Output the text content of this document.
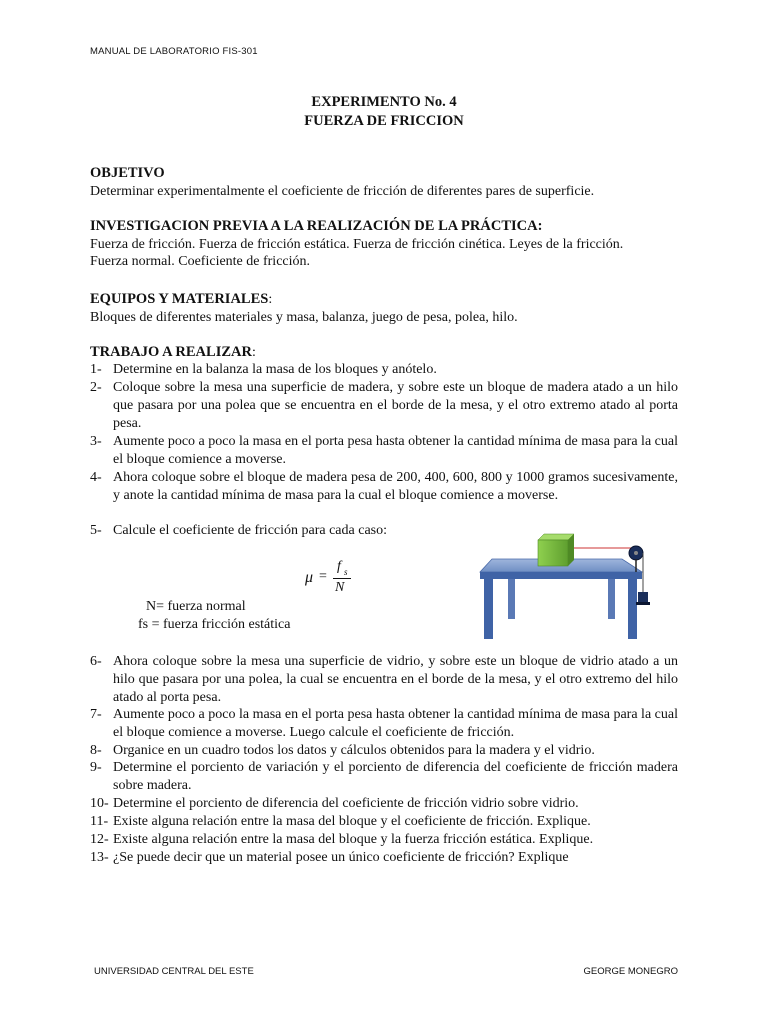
MANUAL DE LABORATORIO FIS-301
EXPERIMENTO No. 4
FUERZA DE FRICCION
OBJETIVO
Determinar experimentalmente el coeficiente de fricción de diferentes pares de superficie.
INVESTIGACION PREVIA A LA REALIZACIÓN DE LA PRÁCTICA:
Fuerza de fricción. Fuerza de fricción estática. Fuerza de fricción cinética. Leyes de la fricción.
Fuerza normal. Coeficiente de fricción.
EQUIPOS Y MATERIALES:
Bloques de diferentes materiales y masa, balanza, juego de pesa, polea, hilo.
TRABAJO A REALIZAR:
1- Determine en la balanza la masa de los bloques y anótelo.
2- Coloque sobre la mesa una superficie de madera, y sobre este un bloque de madera atado a un hilo que pasara por una polea que se encuentra en el borde de la mesa, y el otro extremo atado al porta pesa.
3- Aumente poco a poco la masa en el porta pesa hasta obtener la cantidad mínima de masa para la cual el bloque comience a moverse.
4- Ahora coloque sobre el bloque de madera pesa de 200, 400, 600, 800 y 1000 gramos sucesivamente, y anote la cantidad mínima de masa para la cual el bloque comience a moverse.
5- Calcule el coeficiente de fricción para cada caso:
μ =
f s
N
N= fuerza normal
fs = fuerza fricción estática
6- Ahora coloque sobre la mesa una superficie de vidrio, y sobre este un bloque de vidrio atado a un hilo que pasara por una polea, la cual se encuentra en el borde de la mesa, y el otro extremo del hilo atado al porta pesa.
7- Aumente poco a poco la masa en el porta pesa hasta obtener la cantidad mínima de masa para la cual el bloque comience a moverse. Luego calcule el coeficiente de fricción.
8- Organice en un cuadro todos los datos y cálculos obtenidos para la madera y el vidrio.
9- Determine el porciento de variación y el porciento de diferencia del coeficiente de fricción madera sobre madera.
10- Determine el porciento de diferencia del coeficiente de fricción vidrio sobre vidrio.
11- Existe alguna relación entre la masa del bloque y el coeficiente de fricción. Explique.
12- Existe alguna relación entre la masa del bloque y la fuerza fricción estática. Explique.
13- ¿Se puede decir que un material posee un único coeficiente de fricción? Explique
UNIVERSIDAD CENTRAL DEL ESTE	GEORGE MONEGRO
